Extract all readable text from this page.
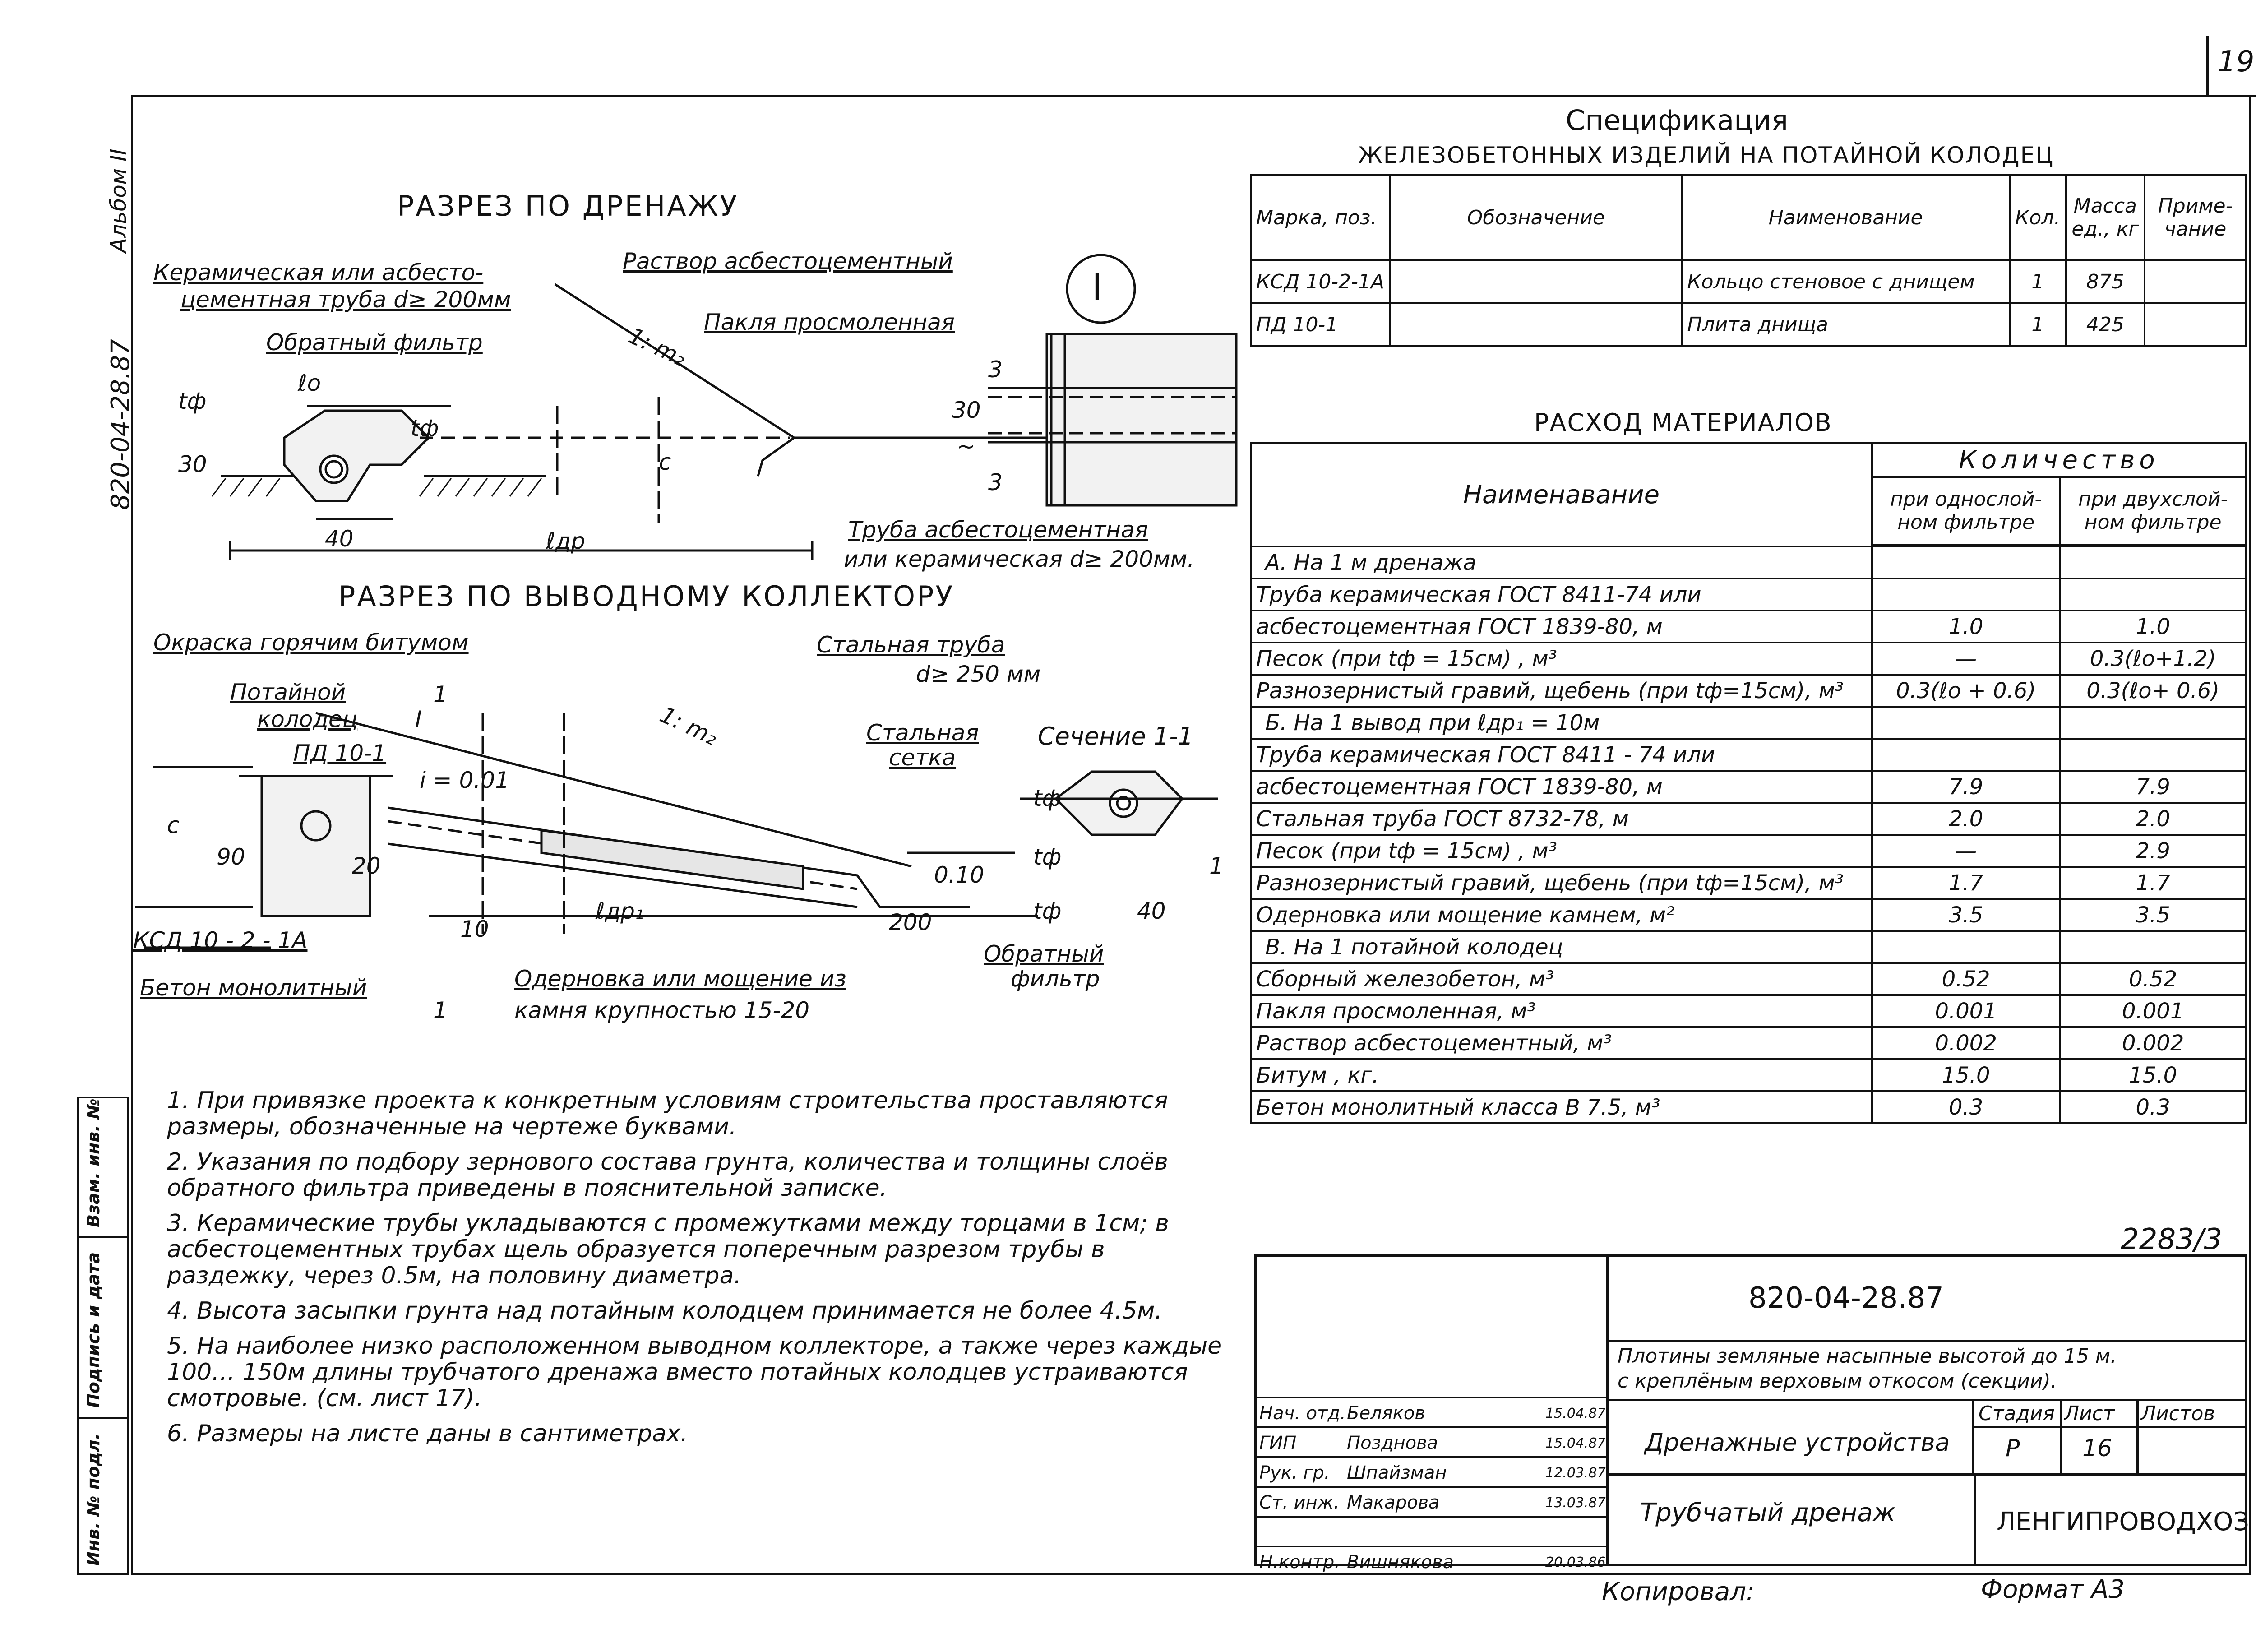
19
Альбом II
820-04-28.87
Взам. инв. №
Подпись и дата
Инв. № подл.
РАЗРЕЗ ПО ДРЕНАЖУ
Керамическая или асбесто-
цементная труба d≥ 200мм
Обратный фильтр
Раствор асбестоцементный
Пакля просмоленная
1: m₂
ℓo
tф
tф
30
40
c
ℓдр	Труба асбестоцементная
или керамическая d≥ 200мм.
I
30
3
3
~
РАЗРЕЗ ПО ВЫВОДНОМУ КОЛЛЕКТОРУ
Окраска горячим битумом
Потайной
колодец
ПД 10-1
I
i = 0.01
Стальная труба
d≥ 250 мм
1: m₂	Стальная
сетка
Сечение 1-1
c
90	20
10
ℓдр₁	200
0.10
КСД 10 - 2 - 1А
Бетон монолитный	Одерновка или мощение из
камня крупностью 15-20
1
1
Обратный
фильтр
tф
tф
tф	40
1
1. При привязке проекта к конкретным условиям строительства проставляются размеры, обозначенные на чертеже буквами.
2. Указания по подбору зернового состава грунта, количества и толщины слоёв обратного фильтра приведены в пояснительной записке.
3. Керамические трубы укладываются с промежутками между торцами в 1см; в асбестоцементных трубах щель образуется поперечным разрезом трубы в раздежку, через 0.5м, на половину диаметра.
4. Высота засыпки грунта над потайным колодцем принимается не более 4.5м.
5. На наиболее низко расположенном выводном коллекторе, а также через каждые 100… 150м длины трубчатого дренажа вместо потайных колодцев устраиваются смотровые. (см. лист 17).
6. Размеры на листе даны в сантиметрах.
Спецификация
ЖЕЛЕЗОБЕТОННЫХ ИЗДЕЛИЙ НА ПОТАЙНОЙ КОЛОДЕЦ
Марка, поз.	Обозначение	Наименование	Кол.	Масса ед., кг	Приме- чание
КСД 10-2-1А		Кольцо стеновое с днищем	1	875	
ПД 10-1		Плита днища	1	425	
РАСХОД МАТЕРИАЛОВ
Наименавание	Количество	
	при однослой- ном фильтре	при двухслой- ном фильтре

А. На 1 м дренажа		
Труба керамическая ГОСТ 8411-74 или		
асбестоцементная ГОСТ 1839-80, м	1.0	1.0
Песок (при tф = 15см) , м³	—	0.3(ℓo+1.2)
Разнозернистый гравий, щебень (при tф=15см), м³	0.3(ℓo + 0.6)	0.3(ℓo+ 0.6)
Б. На 1 вывод при ℓдр₁ = 10м		
Труба керамическая ГОСТ 8411 - 74 или		
асбестоцементная ГОСТ 1839-80, м	7.9	7.9
Стальная труба ГОСТ 8732-78, м	2.0	2.0
Песок (при tф = 15см) , м³	—	2.9
Разнозернистый гравий, щебень (при tф=15см), м³	1.7	1.7
Одерновка или мощение камнем, м²	3.5	3.5
В. На 1 потайной колодец		
Сборный железобетон, м³	0.52	0.52
Пакля просмоленная, м³	0.001	0.001
Раствор асбестоцементный, м³	0.002	0.002
Битум , кг.	15.0	15.0
Бетон монолитный класса В 7.5, м³	0.3	0.3
2283/3
820-04-28.87
Плотины земляные насыпные высотой до 15 м.
с креплёным верховым откосом (секции).
Дренажные устройства
Стадия Лист Листов
Р	16
Трубчатый дренаж	ЛЕНГИПРОВОДХОЗ
Нач. отд. Беляков	15.04.87
ГИП	Позднова	15.04.87
Рук. гр. Шпайзман	12.03.87
Ст. инж. Макарова	13.03.87
Н.контр. Вишнякова	20.03.86
Копировал:	Формат А3
